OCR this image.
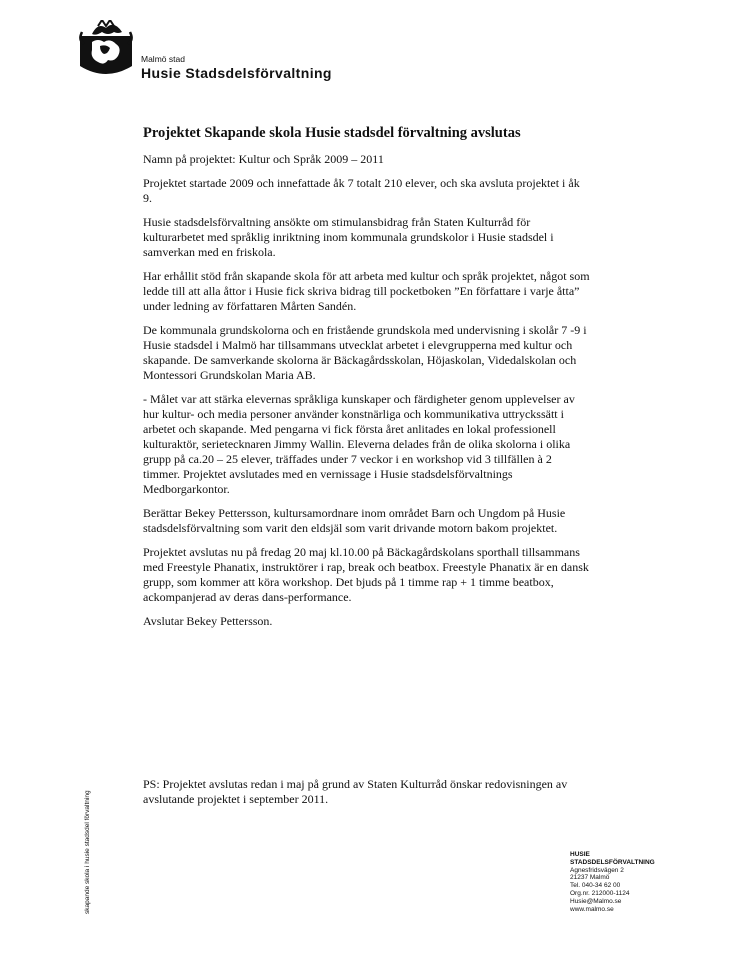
Malmö stad
Husie Stadsdelsförvaltning
Projektet Skapande skola Husie stadsdel förvaltning avslutas

Namn på projektet: Kultur och Språk 2009 – 2011

Projektet startade 2009 och innefattade åk 7 totalt 210 elever, och ska avsluta projektet i åk 9.

Husie stadsdelsförvaltning ansökte om stimulansbidrag från Staten Kulturråd för kulturarbetet med språklig inriktning inom kommunala grundskolor i Husie stadsdel i samverkan med en friskola.

Har erhållit stöd från skapande skola för att arbeta med kultur och språk projektet, något som ledde till att alla åttor i Husie fick skriva bidrag till pocketboken ”En författare i varje åtta” under ledning av författaren Mårten Sandén.

De kommunala grundskolorna och en fristående grundskola med undervisning i skolår 7 -9 i Husie stadsdel i Malmö har tillsammans utvecklat arbetet i elevgrupperna med kultur och skapande. De samverkande skolorna är Bäckagårdsskolan, Höjaskolan, Videdalskolan och Montessori Grundskolan Maria AB.

- Målet var att stärka elevernas språkliga kunskaper och färdigheter genom upplevelser av hur kultur- och media personer använder konstnärliga och kommunikativa uttryckssätt i arbetet och skapande. Med pengarna vi fick första året anlitades en lokal professionell kulturaktör, serietecknaren Jimmy Wallin. Eleverna delades från de olika skolorna i olika grupp på ca.20 – 25 elever, träffades under 7 veckor i en workshop vid 3 tillfällen à 2 timmer. Projektet avslutades med en vernissage i Husie stadsdelsförvaltnings Medborgarkontor.

Berättar Bekey Pettersson, kultursamordnare inom området Barn och Ungdom på Husie stadsdelsförvaltning som varit den eldsjäl som varit drivande motorn bakom projektet.

Projektet avslutas nu på fredag 20 maj kl.10.00 på Bäckagårdskolans sporthall tillsammans med Freestyle Phanatix, instruktörer i rap, break och beatbox. Freestyle Phanatix är en dansk grupp, som kommer att köra workshop. Det bjuds på 1 timme rap + 1 timme beatbox, ackompanjerad av deras dans-performance.

Avslutar Bekey Pettersson.

PS: Projektet avslutas redan i maj på grund av Staten Kulturråd önskar redovisningen av avslutande projektet i september 2011.
skapande skola i husie stadsdel förvaltning	HUSIE
STADSDELSFÖRVALTNING
Agnesfridsvägen 2
21237 Malmö
Tel. 040-34 62 00
Org.nr. 212000-1124
Husie@Malmo.se
www.malmo.se
